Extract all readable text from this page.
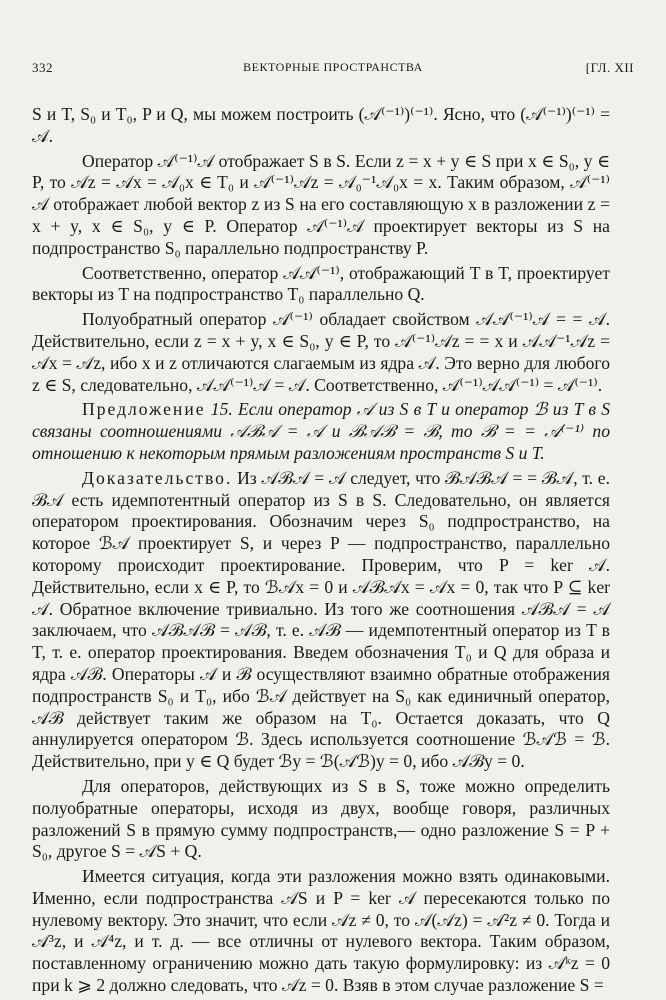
332	ВЕКТОРНЫЕ ПРОСТРАНСТВА	[ГЛ. XII

S и T, S₀ и T₀, P и Q, мы можем построить (𝒜⁽⁻¹⁾)⁽⁻¹⁾. Ясно, что (𝒜⁽⁻¹⁾)⁽⁻¹⁾ = 𝒜.

Оператор 𝒜⁽⁻¹⁾𝒜 отображает S в S. Если z = x + y ∈ S при x ∈ S₀, y ∈ P, то 𝒜z = 𝒜x = 𝒜₀x ∈ T₀ и 𝒜⁽⁻¹⁾𝒜z = 𝒜₀⁻¹𝒜₀x = x. Таким образом, 𝒜⁽⁻¹⁾𝒜 отображает любой вектор z из S на его составляющую x в разложении z = x + y, x ∈ S₀, y ∈ P. Оператор 𝒜⁽⁻¹⁾𝒜 проектирует векторы из S на подпространство S₀ параллельно подпространству P.

Соответственно, оператор 𝒜𝒜⁽⁻¹⁾, отображающий T в T, проектирует векторы из T на подпространство T₀ параллельно Q.

Полуобратный оператор 𝒜⁽⁻¹⁾ обладает свойством 𝒜𝒜⁽⁻¹⁾𝒜 = = 𝒜. Действительно, если z = x + y, x ∈ S₀, y ∈ P, то 𝒜⁽⁻¹⁾𝒜z = = x и 𝒜𝒜⁻¹𝒜z = 𝒜x = 𝒜z, ибо x и z отличаются слагаемым из ядра 𝒜. Это верно для любого z ∈ S, следовательно, 𝒜𝒜⁽⁻¹⁾𝒜 = 𝒜. Соответственно, 𝒜⁽⁻¹⁾𝒜𝒜⁽⁻¹⁾ = 𝒜⁽⁻¹⁾.

Предложение 15. Если оператор 𝒜 из S в T и оператор ℬ из T в S связаны соотношениями 𝒜ℬ𝒜 = 𝒜 и ℬ𝒜ℬ = ℬ, то ℬ = = 𝒜⁽⁻¹⁾ по отношению к некоторым прямым разложениям пространств S и T.

Доказательство. Из 𝒜ℬ𝒜 = 𝒜 следует, что ℬ𝒜ℬ𝒜 = = ℬ𝒜, т. е. ℬ𝒜 есть идемпотентный оператор из S в S. Следовательно, он является оператором проектирования. Обозначим через S₀ подпространство, на которое ℬ𝒜 проектирует S, и через P — подпространство, параллельно которому происходит проектирование. Проверим, что P = ker 𝒜. Действительно, если x ∈ P, то ℬ𝒜x = 0 и 𝒜ℬ𝒜x = 𝒜x = 0, так что P ⊆ ker 𝒜. Обратное включение тривиально. Из того же соотношения 𝒜ℬ𝒜 = 𝒜 заключаем, что 𝒜ℬ𝒜ℬ = 𝒜ℬ, т. е. 𝒜ℬ — идемпотентный оператор из T в T, т. е. оператор проектирования. Введем обозначения T₀ и Q для образа и ядра 𝒜ℬ. Операторы 𝒜 и ℬ осуществляют взаимно обратные отображения подпространств S₀ и T₀, ибо ℬ𝒜 действует на S₀ как единичный оператор, 𝒜ℬ действует таким же образом на T₀. Остается доказать, что Q аннулируется оператором ℬ. Здесь используется соотношение ℬ𝒜ℬ = ℬ. Действительно, при y ∈ Q будет ℬy = ℬ(𝒜ℬ)y = 0, ибо 𝒜ℬy = 0.

Для операторов, действующих из S в S, тоже можно определить полуобратные операторы, исходя из двух, вообще говоря, различных разложений S в прямую сумму подпространств,— одно разложение S = P + S₀, другое S = 𝒜S + Q.

Имеется ситуация, когда эти разложения можно взять одинаковыми. Именно, если подпространства 𝒜S и P = ker 𝒜 пересекаются только по нулевому вектору. Это значит, что если 𝒜z ≠ 0, то 𝒜(𝒜z) = 𝒜²z ≠ 0. Тогда и 𝒜³z, и 𝒜⁴z, и т. д. — все отличны от нулевого вектора. Таким образом, поставленному ограничению можно дать такую формулировку: из 𝒜ᵏz = 0 при k ⩾ 2 должно следовать, что 𝒜z = 0. Взяв в этом случае разложение S =
